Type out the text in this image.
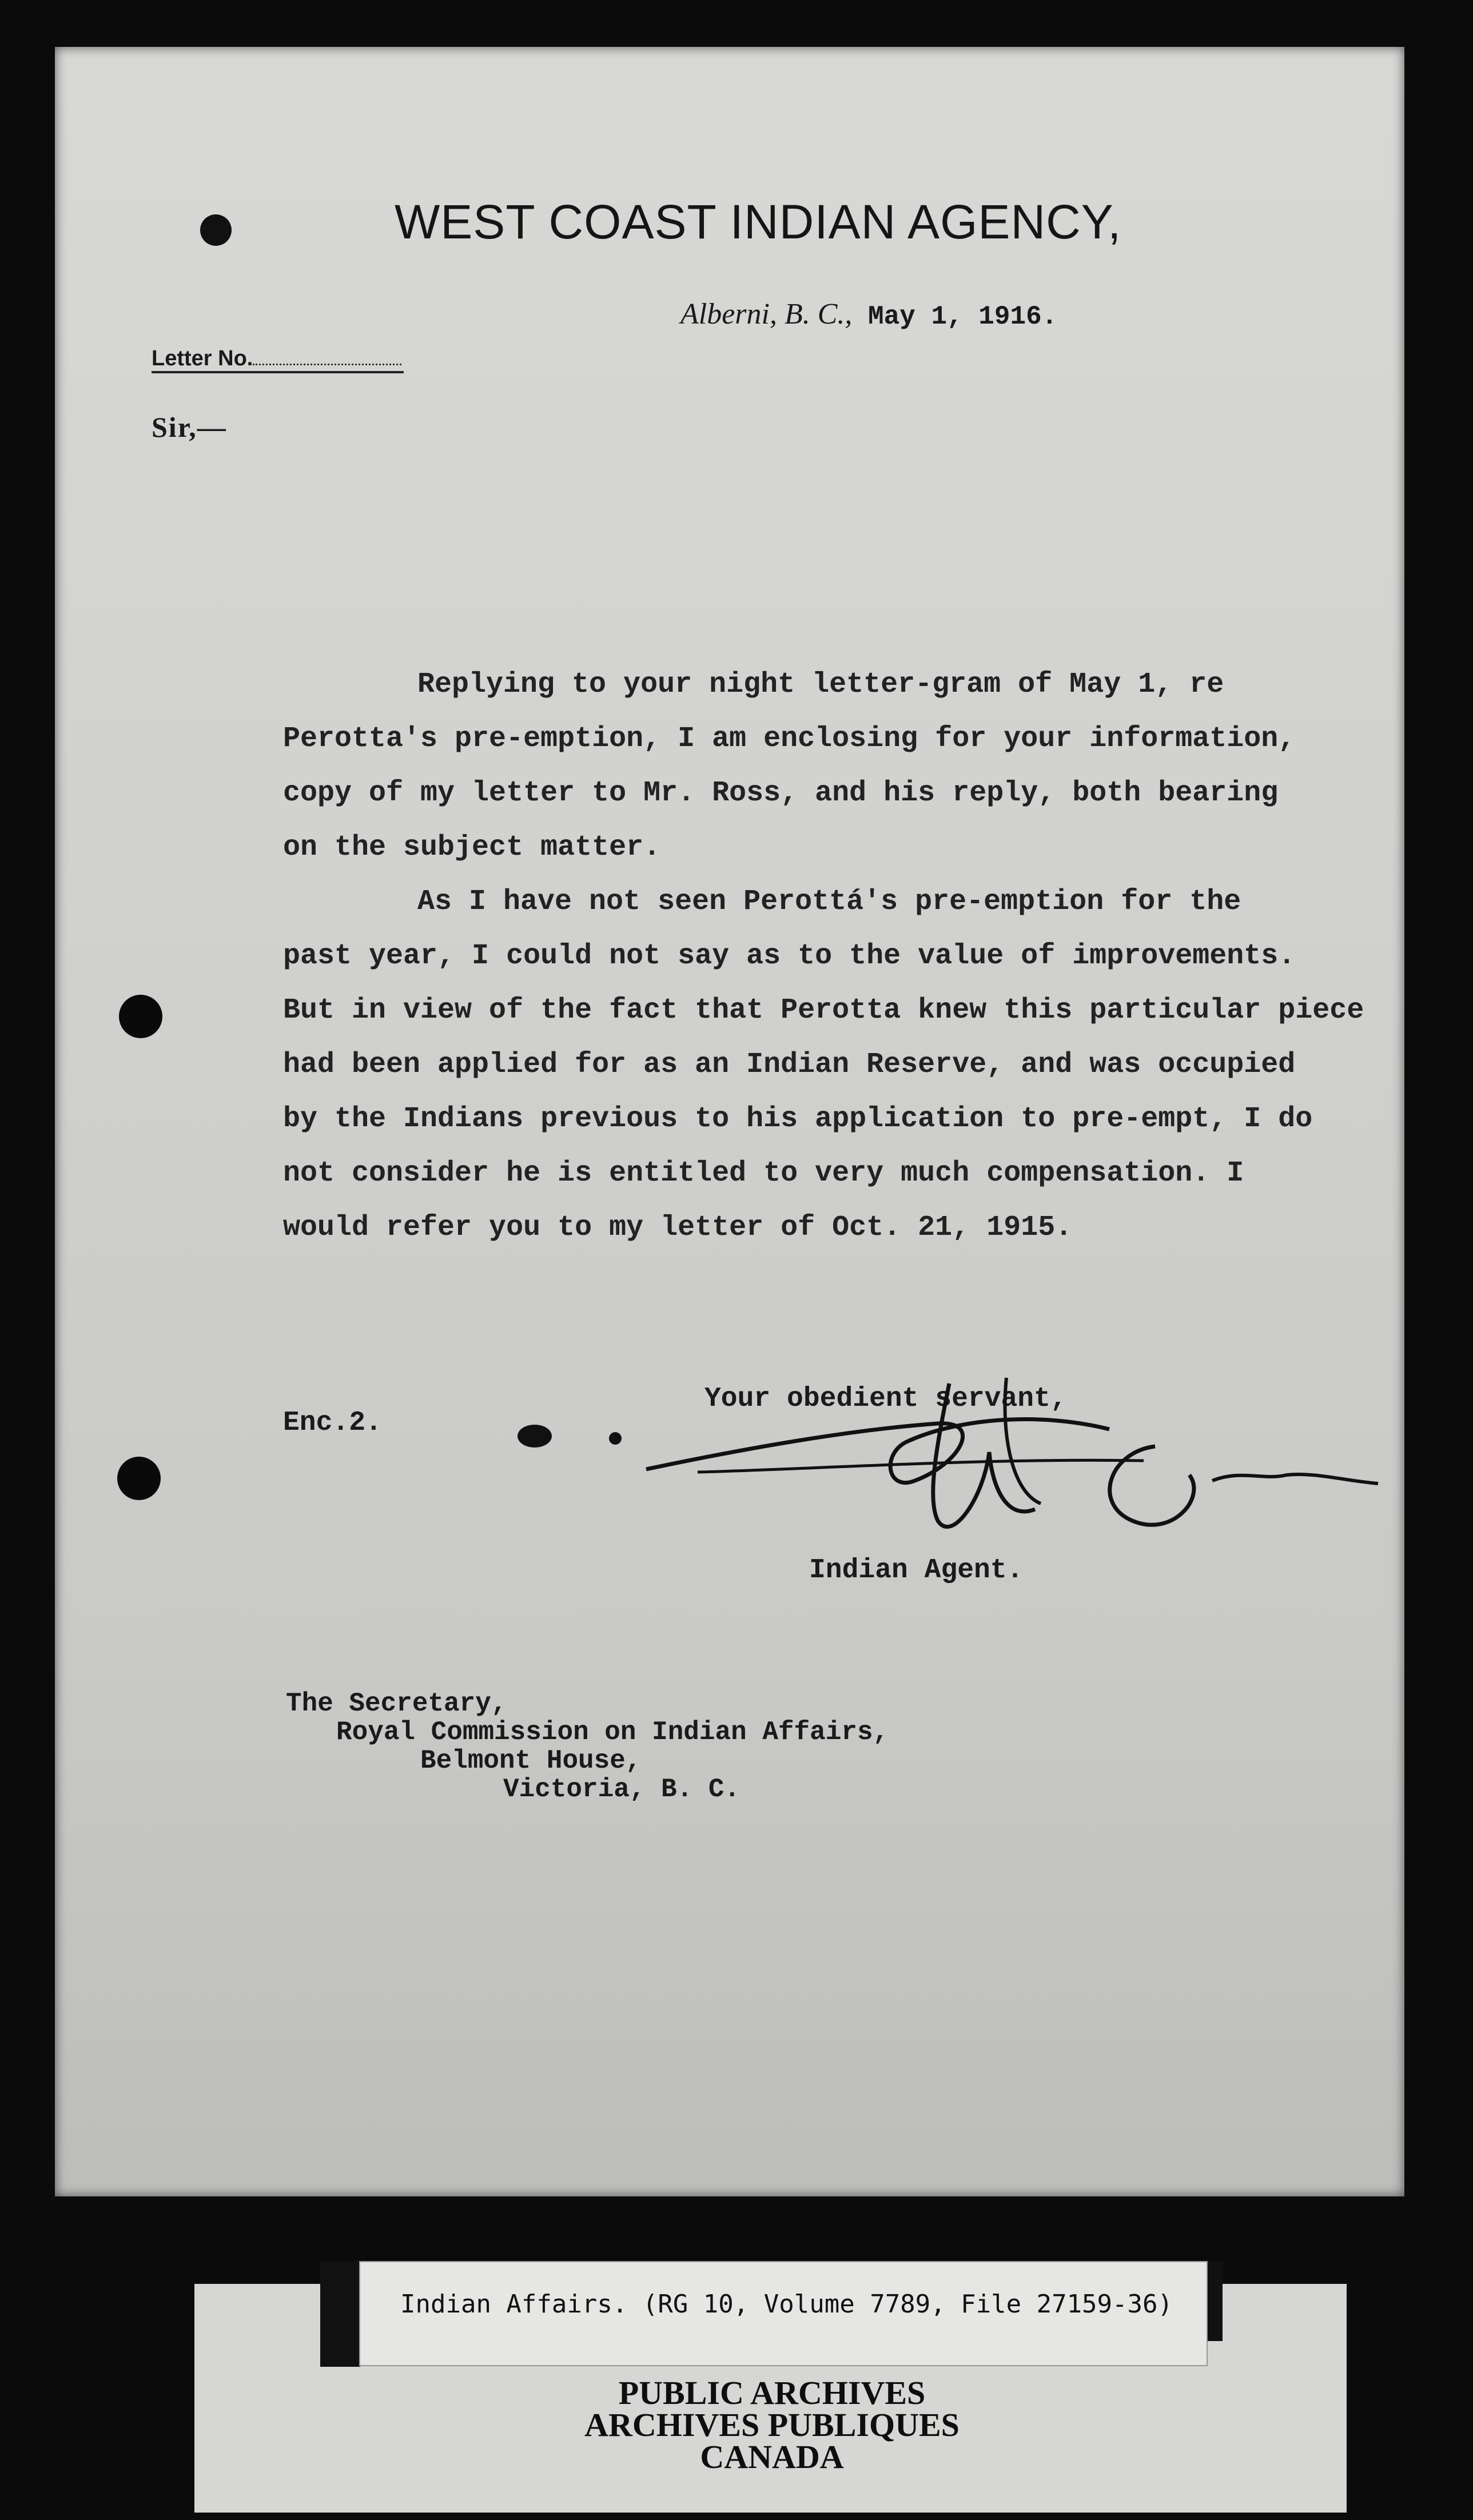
WEST COAST INDIAN AGENCY,
Alberni, B. C., May 1, 1916.
Letter No.
Sir,—

Replying to your night letter-gram of May 1, re

Perotta's pre-emption, I am enclosing for your information,

copy of my letter to Mr. Ross, and his reply, both bearing

on the subject matter.

As I have not seen Perottá's pre-emption for the

past year, I could not say as to the value of improvements.

But in view of the fact that Perotta knew this particular piece

had been applied for as an Indian Reserve, and was occupied

by the Indians previous to his application to pre-empt, I do

not consider he is entitled to very much compensation. I

would refer you to my letter of Oct. 21, 1915.

Your obedient servant,
Enc.2.
Indian Agent.
The Secretary,
Royal Commission on Indian Affairs,
Belmont House,
Victoria, B. C.
Indian Affairs. (RG 10, Volume 7789, File 27159-36)
PUBLIC ARCHIVES
ARCHIVES PUBLIQUES
CANADA
